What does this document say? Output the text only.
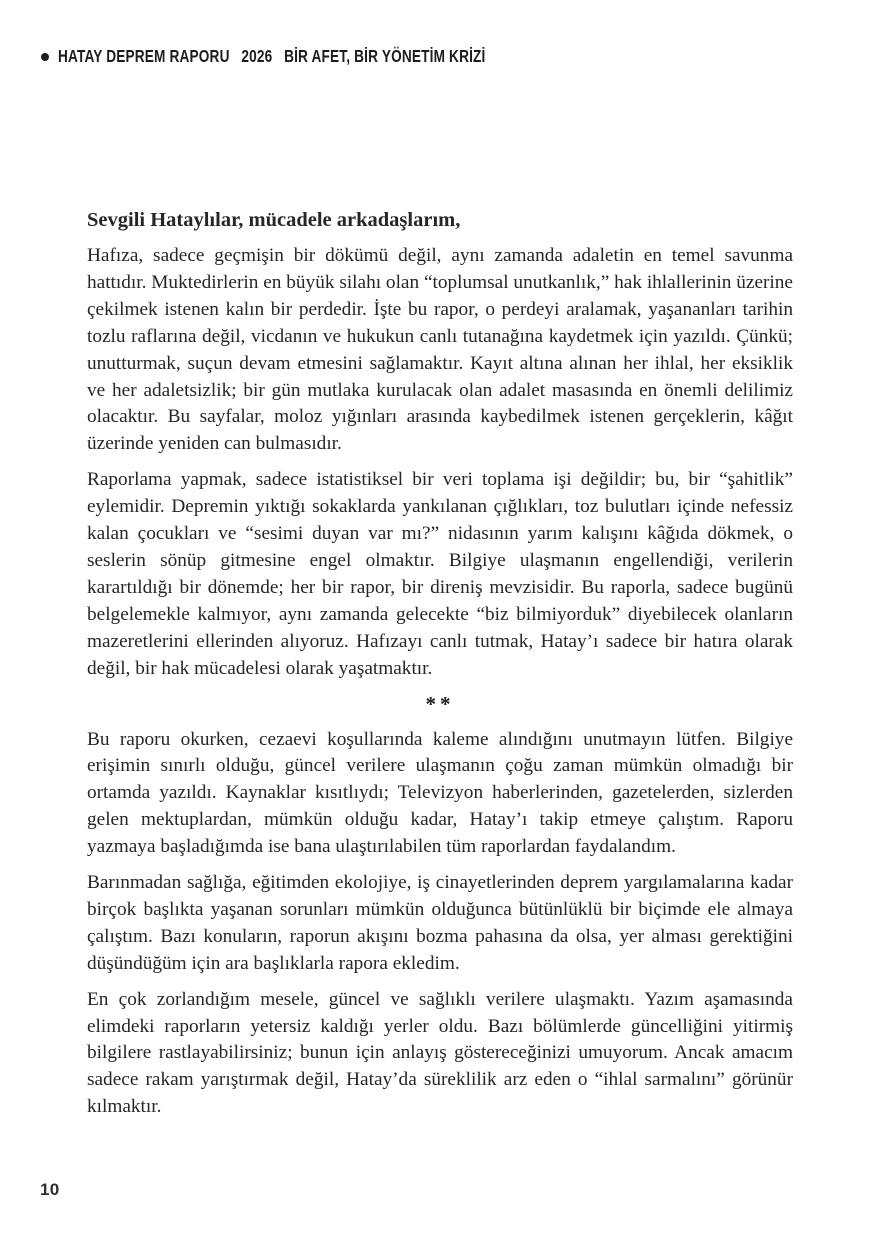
HATAY DEPREM RAPORU 2026 BİR AFET, BİR YÖNETİM KRİZİ

Sevgili Hataylılar, mücadele arkadaşlarım,

Hafıza, sadece geçmişin bir dökümü değil, aynı zamanda adaletin en temel savunma hattıdır. Muktedirlerin en büyük silahı olan “toplumsal unutkanlık,” hak ihlallerinin üzerine çekilmek istenen kalın bir perdedir. İşte bu rapor, o perdeyi aralamak, yaşananları tarihin tozlu raflarına değil, vicdanın ve hukukun canlı tutanağına kaydetmek için yazıldı. Çünkü; unutturmak, suçun devam etmesini sağlamaktır. Kayıt altına alınan her ihlal, her eksiklik ve her adaletsizlik; bir gün mutlaka kurulacak olan adalet masasında en önemli delilimiz olacaktır. Bu sayfalar, moloz yığınları arasında kaybedilmek istenen gerçeklerin, kâğıt üzerinde yeniden can bulmasıdır.

Raporlama yapmak, sadece istatistiksel bir veri toplama işi değildir; bu, bir “şahitlik” eylemidir. Depremin yıktığı sokaklarda yankılanan çığlıkları, toz bulutları içinde nefessiz kalan çocukları ve “sesimi duyan var mı?” nidasının yarım kalışını kâğıda dökmek, o seslerin sönüp gitmesine engel olmaktır. Bilgiye ulaşmanın engellendiği, verilerin karartıldığı bir dönemde; her bir rapor, bir direniş mevzisidir. Bu raporla, sadece bugünü belgelemekle kalmıyor, aynı zamanda gelecekte “biz bilmiyorduk” diyebilecek olanların mazeretlerini ellerinden alıyoruz. Hafızayı canlı tutmak, Hatay’ı sadece bir hatıra olarak değil, bir hak mücadelesi olarak yaşatmaktır.

**

Bu raporu okurken, cezaevi koşullarında kaleme alındığını unutmayın lütfen. Bilgiye erişimin sınırlı olduğu, güncel verilere ulaşmanın çoğu zaman mümkün olmadığı bir ortamda yazıldı. Kaynaklar kısıtlıydı; Televizyon haberlerinden, gazetelerden, sizlerden gelen mektuplardan, mümkün olduğu kadar, Hatay’ı takip etmeye çalıştım. Raporu yazmaya başladığımda ise bana ulaştırılabilen tüm raporlardan faydalandım.

Barınmadan sağlığa, eğitimden ekolojiye, iş cinayetlerinden deprem yargılamalarına kadar birçok başlıkta yaşanan sorunları mümkün olduğunca bütünlüklü bir biçimde ele almaya çalıştım. Bazı konuların, raporun akışını bozma pahasına da olsa, yer alması gerektiğini düşündüğüm için ara başlıklarla rapora ekledim.

En çok zorlandığım mesele, güncel ve sağlıklı verilere ulaşmaktı. Yazım aşamasında elimdeki raporların yetersiz kaldığı yerler oldu. Bazı bölümlerde güncelliğini yitirmiş bilgilere rastlayabilirsiniz; bunun için anlayış göstereceğinizi umuyorum. Ancak amacım sadece rakam yarıştırmak değil, Hatay’da süreklilik arz eden o “ihlal sarmalını” görünür kılmaktır.

10
